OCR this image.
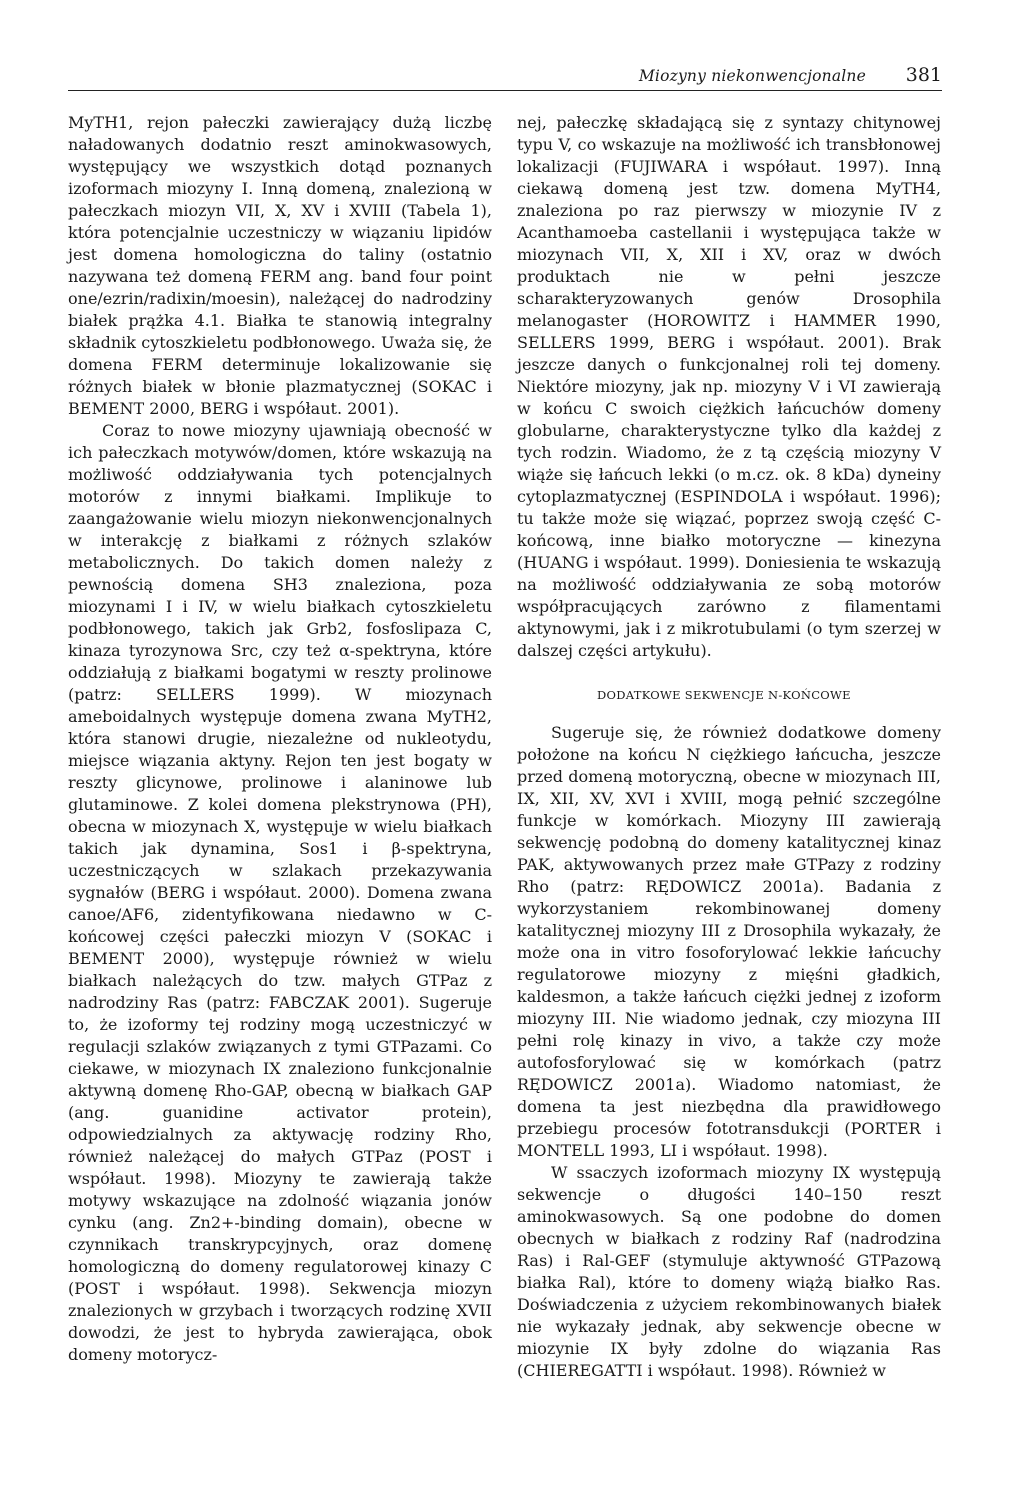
Miozyny niekonwencjonalne 381

MyTH1, rejon pałeczki zawierający dużą liczbę naładowanych dodatnio reszt aminokwasowych, występujący we wszystkich dotąd poznanych izoformach miozyny I. Inną domeną, znalezioną w pałeczkach miozyn VII, X, XV i XVIII (Tabela 1), która potencjalnie uczestniczy w wiązaniu lipidów jest domena homologiczna do taliny (ostatnio nazywana też domeną FERM ang. band four point one/ezrin/radixin/moesin), należącej do nadrodziny białek prążka 4.1. Białka te stanowią integralny składnik cytoszkieletu podbłonowego. Uważa się, że domena FERM determinuje lokalizowanie się różnych białek w błonie plazmatycznej (SOKAC i BEMENT 2000, BERG i współaut. 2001).

Coraz to nowe miozyny ujawniają obecność w ich pałeczkach motywów/domen, które wskazują na możliwość oddziaływania tych potencjalnych motorów z innymi białkami. Implikuje to zaangażowanie wielu miozyn niekonwencjonalnych w interakcję z białkami z różnych szlaków metabolicznych. Do takich domen należy z pewnością domena SH3 znaleziona, poza miozynami I i IV, w wielu białkach cytoszkieletu podbłonowego, takich jak Grb2, fosfoslipaza C, kinaza tyrozynowa Src, czy też α-spektryna, które oddziałują z białkami bogatymi w reszty prolinowe (patrz: SELLERS 1999). W miozynach ameboidalnych występuje domena zwana MyTH2, która stanowi drugie, niezależne od nukleotydu, miejsce wiązania aktyny. Rejon ten jest bogaty w reszty glicynowe, prolinowe i alaninowe lub glutaminowe. Z kolei domena plekstrynowa (PH), obecna w miozynach X, występuje w wielu białkach takich jak dynamina, Sos1 i β-spektryna, uczestniczących w szlakach przekazywania sygnałów (BERG i współaut. 2000). Domena zwana canoe/AF6, zidentyfikowana niedawno w C-końcowej części pałeczki miozyn V (SOKAC i BEMENT 2000), występuje również w wielu białkach należących do tzw. małych GTPaz z nadrodziny Ras (patrz: FABCZAK 2001). Sugeruje to, że izoformy tej rodziny mogą uczestniczyć w regulacji szlaków związanych z tymi GTPazami. Co ciekawe, w miozynach IX znaleziono funkcjonalnie aktywną domenę Rho-GAP, obecną w białkach GAP (ang. guanidine activator protein), odpowiedzialnych za aktywację rodziny Rho, również należącej do małych GTPaz (POST i współaut. 1998). Miozyny te zawierają także motywy wskazujące na zdolność wiązania jonów cynku (ang. Zn2+-binding domain), obecne w czynnikach transkrypcyjnych, oraz domenę homologiczną do domeny regulatorowej kinazy C (POST i współaut. 1998). Sekwencja miozyn znalezionych w grzybach i tworzących rodzinę XVII dowodzi, że jest to hybryda zawierająca, obok domeny motorycz-

nej, pałeczkę składającą się z syntazy chitynowej typu V, co wskazuje na możliwość ich transbłonowej lokalizacji (FUJIWARA i współaut. 1997). Inną ciekawą domeną jest tzw. domena MyTH4, znaleziona po raz pierwszy w miozynie IV z Acanthamoeba castellanii i występująca także w miozynach VII, X, XII i XV, oraz w dwóch produktach nie w pełni jeszcze scharakteryzowanych genów Drosophila melanogaster (HOROWITZ i HAMMER 1990, SELLERS 1999, BERG i współaut. 2001). Brak jeszcze danych o funkcjonalnej roli tej domeny. Niektóre miozyny, jak np. miozyny V i VI zawierają w końcu C swoich ciężkich łańcuchów domeny globularne, charakterystyczne tylko dla każdej z tych rodzin. Wiadomo, że z tą częścią miozyny V wiąże się łańcuch lekki (o m.cz. ok. 8 kDa) dyneiny cytoplazmatycznej (ESPINDOLA i współaut. 1996); tu także może się wiązać, poprzez swoją część C-końcową, inne białko motoryczne — kinezyna (HUANG i współaut. 1999). Doniesienia te wskazują na możliwość oddziaływania ze sobą motorów współpracujących zarówno z filamentami aktynowymi, jak i z mikrotubulami (o tym szerzej w dalszej części artykułu).

DODATKOWE SEKWENCJE N-KOŃCOWE

Sugeruje się, że również dodatkowe domeny położone na końcu N ciężkiego łańcucha, jeszcze przed domeną motoryczną, obecne w miozynach III, IX, XII, XV, XVI i XVIII, mogą pełnić szczególne funkcje w komórkach. Miozyny III zawierają sekwencję podobną do domeny katalitycznej kinaz PAK, aktywowanych przez małe GTPazy z rodziny Rho (patrz: RĘDOWICZ 2001a). Badania z wykorzystaniem rekombinowanej domeny katalitycznej miozyny III z Drosophila wykazały, że może ona in vitro fosoforylować lekkie łańcuchy regulatorowe miozyny z mięśni gładkich, kaldesmon, a także łańcuch ciężki jednej z izoform miozyny III. Nie wiadomo jednak, czy miozyna III pełni rolę kinazy in vivo, a także czy może autofosforylować się w komórkach (patrz RĘDOWICZ 2001a). Wiadomo natomiast, że domena ta jest niezbędna dla prawidłowego przebiegu procesów fototransdukcji (PORTER i MONTELL 1993, LI i współaut. 1998).

W ssaczych izoformach miozyny IX występują sekwencje o długości 140–150 reszt aminokwasowych. Są one podobne do domen obecnych w białkach z rodziny Raf (nadrodzina Ras) i Ral-GEF (stymuluje aktywność GTPazową białka Ral), które to domeny wiążą białko Ras. Doświadczenia z użyciem rekombinowanych białek nie wykazały jednak, aby sekwencje obecne w miozynie IX były zdolne do wiązania Ras (CHIEREGATTI i współaut. 1998). Również w
